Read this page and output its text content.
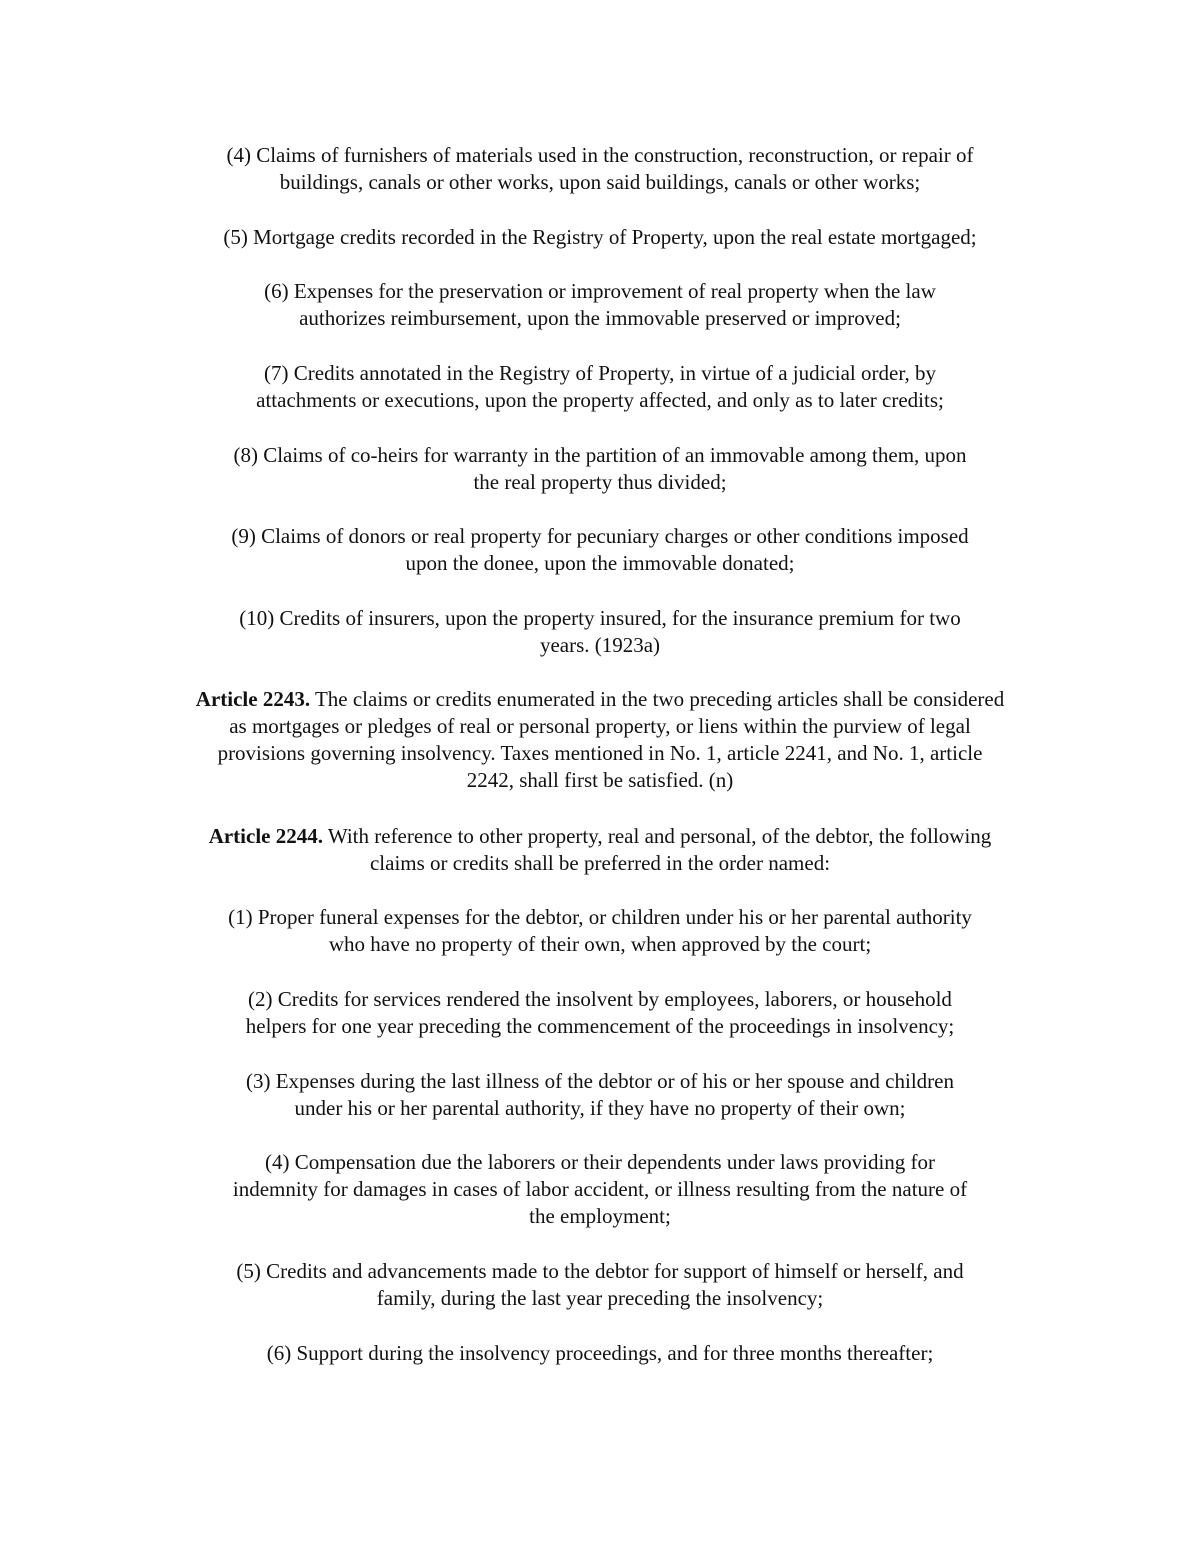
(4) Claims of furnishers of materials used in the construction, reconstruction, or repair of
buildings, canals or other works, upon said buildings, canals or other works;

(5) Mortgage credits recorded in the Registry of Property, upon the real estate mortgaged;

(6) Expenses for the preservation or improvement of real property when the law
authorizes reimbursement, upon the immovable preserved or improved;

(7) Credits annotated in the Registry of Property, in virtue of a judicial order, by
attachments or executions, upon the property affected, and only as to later credits;

(8) Claims of co-heirs for warranty in the partition of an immovable among them, upon
the real property thus divided;

(9) Claims of donors or real property for pecuniary charges or other conditions imposed
upon the donee, upon the immovable donated;

(10) Credits of insurers, upon the property insured, for the insurance premium for two
years. (1923a)

Article 2243. The claims or credits enumerated in the two preceding articles shall be considered
as mortgages or pledges of real or personal property, or liens within the purview of legal
provisions governing insolvency. Taxes mentioned in No. 1, article 2241, and No. 1, article
2242, shall first be satisfied. (n)

Article 2244. With reference to other property, real and personal, of the debtor, the following
claims or credits shall be preferred in the order named:

(1) Proper funeral expenses for the debtor, or children under his or her parental authority
who have no property of their own, when approved by the court;

(2) Credits for services rendered the insolvent by employees, laborers, or household
helpers for one year preceding the commencement of the proceedings in insolvency;

(3) Expenses during the last illness of the debtor or of his or her spouse and children
under his or her parental authority, if they have no property of their own;

(4) Compensation due the laborers or their dependents under laws providing for
indemnity for damages in cases of labor accident, or illness resulting from the nature of
the employment;

(5) Credits and advancements made to the debtor for support of himself or herself, and
family, during the last year preceding the insolvency;

(6) Support during the insolvency proceedings, and for three months thereafter;
